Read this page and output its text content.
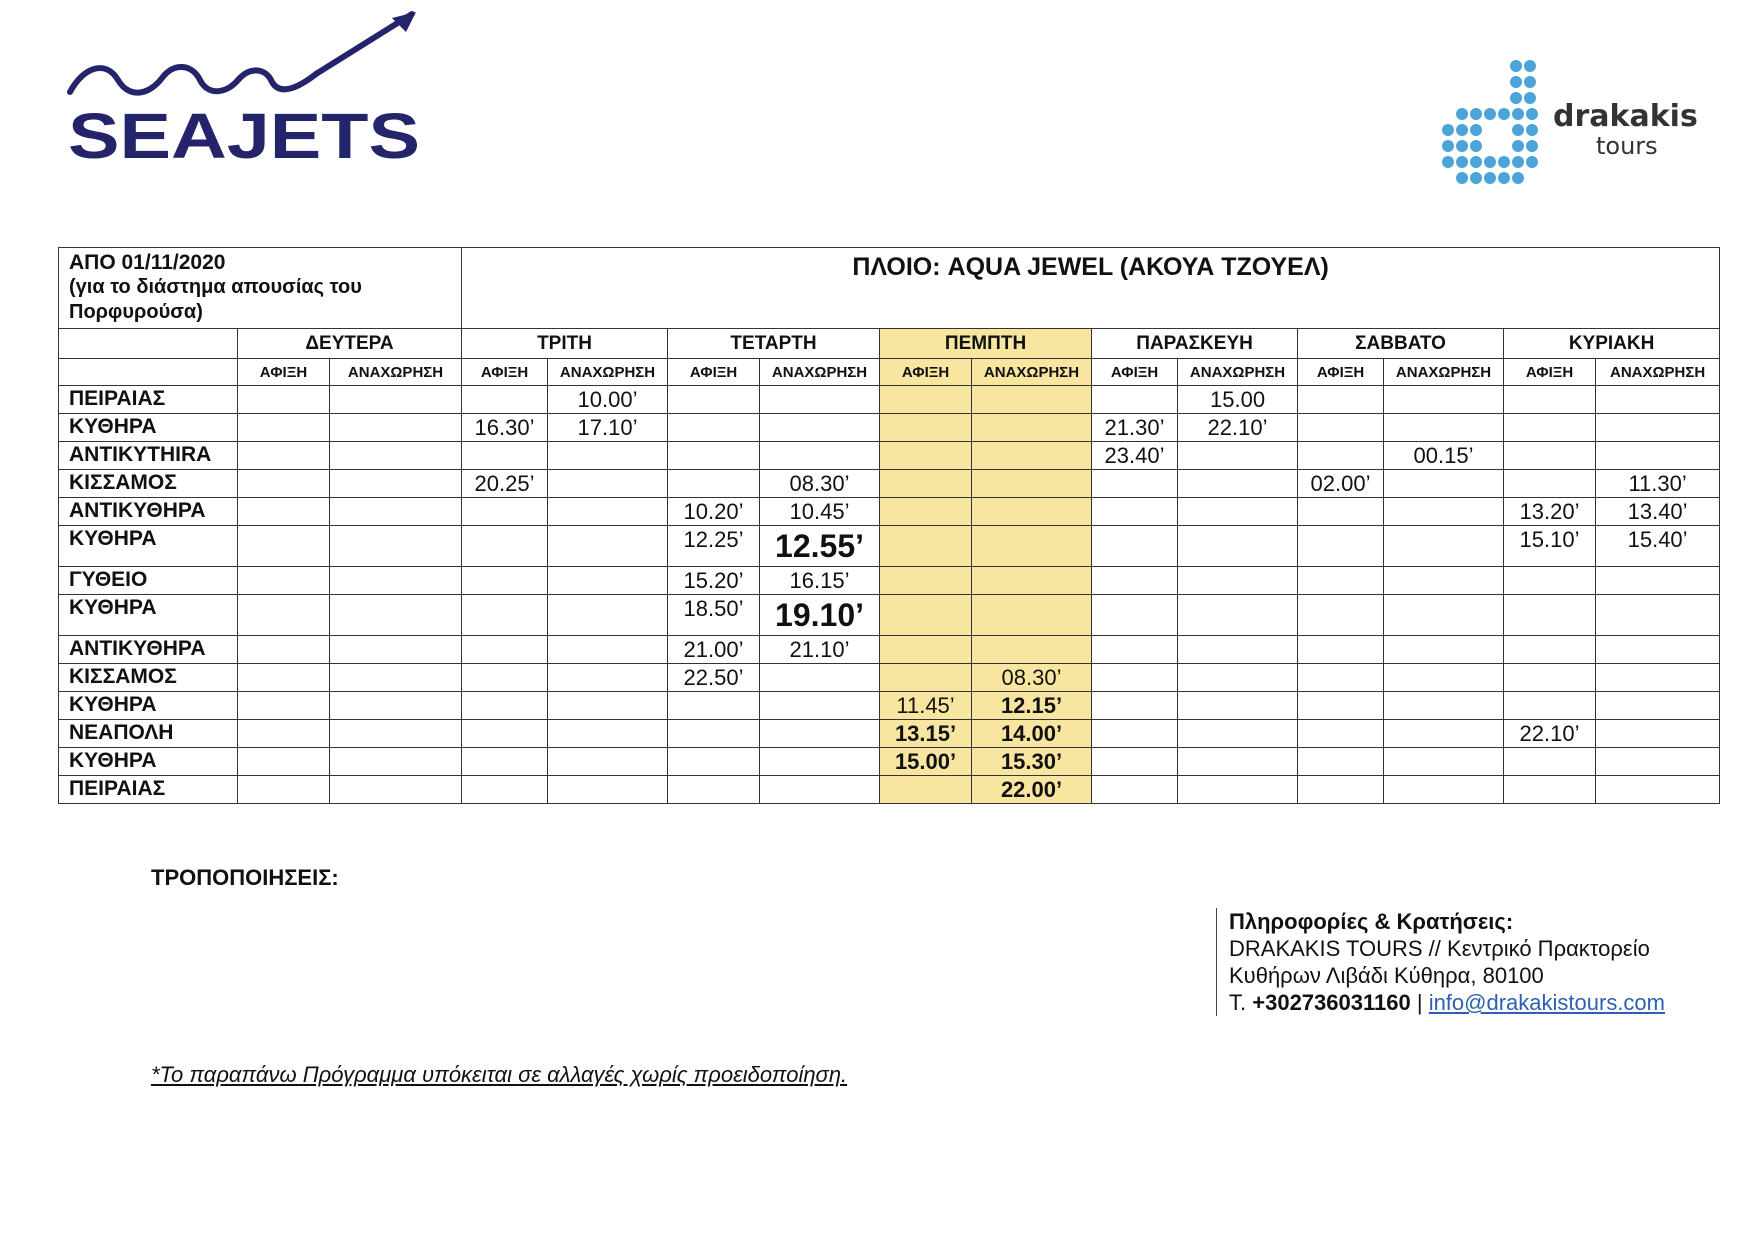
SEAJETS	drakakis
tours
ΑΠΟ 01/11/2020
(για το διάστημα απουσίας του
Πορφυρούσα)			ΠΛΟΙΟ: AQUA JEWEL (ΑΚΟΥΑ ΤΖΟΥΕΛ)											
	ΔΕΥΤΕΡΑ		ΤΡΙΤΗ		ΤΕΤΑΡΤΗ		ΠΕΜΠΤΗ		ΠΑΡΑΣΚΕΥΗ		ΣΑΒΒΑΤΟ		ΚΥΡΙΑΚΗ	
	ΑΦΙΞΗ	ΑΝΑΧΩΡΗΣΗ	ΑΦΙΞΗ	ΑΝΑΧΩΡΗΣΗ	ΑΦΙΞΗ	ΑΝΑΧΩΡΗΣΗ	ΑΦΙΞΗ	ΑΝΑΧΩΡΗΣΗ	ΑΦΙΞΗ	ΑΝΑΧΩΡΗΣΗ	ΑΦΙΞΗ	ΑΝΑΧΩΡΗΣΗ	ΑΦΙΞΗ	ΑΝΑΧΩΡΗΣΗ
ΠΕΙΡΑΙΑΣ				10.00’						15.00				
ΚΥΘΗΡΑ			16.30’	17.10’					21.30’	22.10’				
ANTIKYTHIRA									23.40’			00.15’		
ΚΙΣΣΑΜΟΣ			20.25’			08.30’					02.00’			11.30’
ΑΝΤΙΚΥΘΗΡΑ					10.20’	10.45’							13.20’	13.40’
ΚΥΘΗΡΑ					12.25’	12.55’							15.10’	15.40’
ΓΥΘΕΙΟ					15.20’	16.15’								
ΚΥΘΗΡΑ					18.50’	19.10’								
ΑΝΤΙΚΥΘΗΡΑ					21.00’	21.10’								
ΚΙΣΣΑΜΟΣ					22.50’			08.30’						
ΚΥΘΗΡΑ							11.45’	12.15’						
ΝΕΑΠΟΛΗ							13.15’	14.00’					22.10’	
ΚΥΘΗΡΑ							15.00’	15.30’						
ΠΕΙΡΑΙΑΣ								22.00’						
ΤΡΟΠΟΠΟΙΗΣΕΙΣ:
Πληροφορίες & Κρατήσεις:
DRAKAKIS TOURS // Κεντρικό Πρακτορείο
Κυθήρων Λιβάδι Κύθηρα, 80100
T. +302736031160 | info@drakakistours.com
*Το παραπάνω Πρόγραμμα υπόκειται σε αλλαγές χωρίς προειδοποίηση.
